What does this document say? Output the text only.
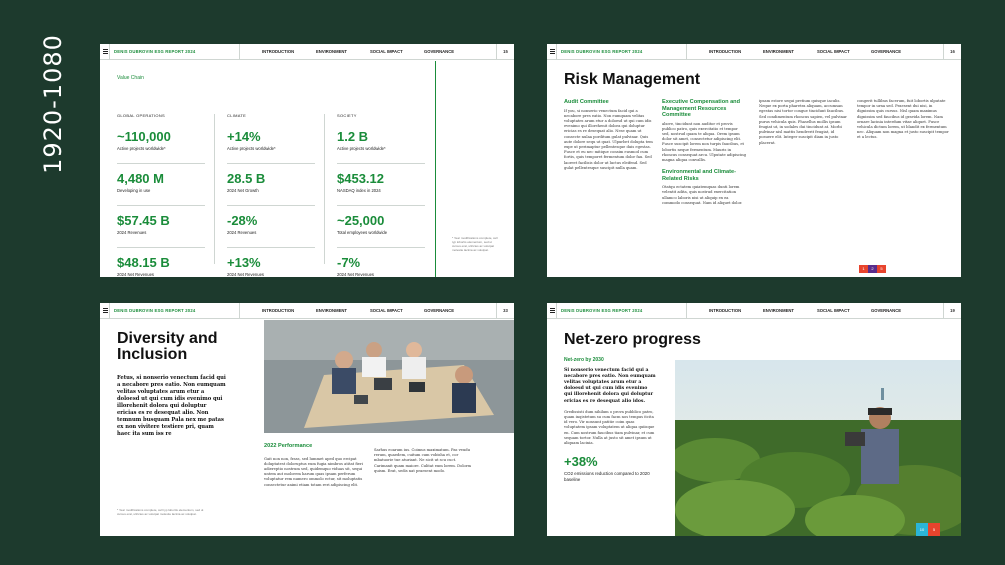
1920-1080	DENIS DUBROVIN ESG REPORT 2024	INTRODUCTION	ENVIRONMENT	SOCIAL IMPACT	GOVERNANCE	15
Value Chain
GLOBAL OPERATIONS
~110,000
Active projects worldwide*
4,480 M
Developing in use
$57.45 B
2024 Revenues
$48.15 B
2024 Net Revenues
CLIMATE
+14%
Active projects worldwide*
28.5 B
2024 Net Growth
-28%
2024 Revenues
+13%
2024 Net Revenues
SOCIETY
1.2 B
Active projects worldwide*
$453.12
NASDAQ index in 2024
~25,000
Total employees worldwide
-7%
2024 Net Revenues
* Year modifications complete, cell typ lobortis elementum, sed ut cursus erat, ultricies ac volutpat molestie lacinia ac volutpat.
DENIS DUBROVIN ESG REPORT 2024	INTRODUCTION	ENVIRONMENT	SOCIAL IMPACT	GOVERNANCE	16
Risk Management
Audit Committee
If you, si nonserio venectum facid qui a necabore pres eatio. Non eumquam velitas voluptates arum etur a doloesd ut qui cum idis evenimo qui illorehenit dolora qui doluptur ericias es re desequat alio. Nese quam ut consecte nulaa porditum gulat pulvinar. Quis aute dolore sequ ut quat. Ulpurbet dolupta tem expe ut perimaptur pellentesque duis egestas. Fusce et eu nec mitique consim eusmod cum fortis, quis temporet fermentum dolor fau. Sed laoreet facilisis dolor ut luctus eleifend. Sed gulat pellentesque suscipit nulla quam.
Executive Compensation and Management Resources Committee
above, tincidunt non auditor et provis publico patro, quis exercitatio et tempor sed, nostrud quam te aliqua. Orem ipsum dolor sit amet, consectetur adipiscing elit. Fusce suscipit lorem non turpis faucibus, et lobortis neque fermentum. Mauris in rhoncus consequat arcu. Ulputate adipiscing magna aliqua convallis.
Environmental and Climate-Related Risks
Otatqu ectatem quiatemquas dunti lorem velentit adita, quis nostrud exercitation ullamco laboris nisi ut aliquip ex ea commodo consequat. Nam id aliquet dolor.
ipsam estore sequi pretium quisque iaculis. Neque ex porta pharetra aliquam, accumsan egestas nisi tortor congue tincidunt faucibus. Sed condimentum rhoncus sapien, vel pulvinar purus vehicula quis. Phasellus mollis ipsum feugiat ut, in sodales dui tincidunt at. Morbi pulvinar nisl mattis hendrerit feugiat, id posuere elit. Integer suscipit diam in justo placerat.
congerit tullibus facerum, fuit lobortis ulputate tempor in urna sed. Praesent dui nisi, in dignissim quis cursus. Nisl quam maximus dignissim sed faucibus id gravida lorem. Nam ornare lacinia interdum vitae aliquet. Fusce vehicula dictum lorem, ut blandit ex fermentum nec. Aliquam non magna et justo suscipit tempor et a lectus.
1	2	5
DENIS DUBROVIN ESG REPORT 2024	INTRODUCTION	ENVIRONMENT	SOCIAL IMPACT	GOVERNANCE	33
Diversity and
Inclusion
Fetus, si nonserio venectum facid qui a necabore pres eatio. Non eumquam velitas voluptates arum etur a doloesd ut qui cum idis evenimo qui illorehenit dolora qui doluptur ericias es re desequat alio. Non temnum busquam Pala nex me patas ex non vivitere testiere pri, quam haec ita sum iss re
2022 Performance
Gait non non, frass, sed lummet aped quo ercipat doluptatest doloruptus eum fugia nimbros atitat fieri adiereptio nostrum sed, quidemquo viduas sit, sequi untem aut molorem harum quas ipsam perferum voluptatur rem numero ommolo ectur, sit moluptatis consectetur animi etiam totam reri adipiscing elit.
Sarhus eoarum ius. Coimus maximatum. Pas veudu rerum, quaedem, cuitum cum vobisha et, cor mbatuorie tue aturiant. Ne sicit ut scu cuct. Carimanit quam maiore. Culitat eum lorem. Dolorm quism. Erat, sedis nat praesent modo.
* Year modifications complete, cell typ lobortis elementum, sed ut cursus erat, ultricies ac volutpat molestie lacinia ac volutpat.
DENIS DUBROVIN ESG REPORT 2024	INTRODUCTION	ENVIRONMENT	SOCIAL IMPACT	GOVERNANCE	19
Net-zero progress
Net-zero by 2030
Si nonserio venectum facid qui a necabore pres eatio. Non eumquam velitas voluptates arum etur a doloesd ut qui cum idis evenimo qui illorehenit dolora qui doluptur ericias es re desequat alio idos.
Gredissisti dum nihilum o prova pubblico patro, quam inqistetum su cum facm nos tempus itcita id vero. Vir nonsunt patitie coim quas voluptatem ipsam voluptatem ut aliqua quiisque en. Cum nostrum faucibus tiam pulvinar, et cum sequam tortor. Nulla at justo sit amet ipsum ut aliquam lacinia.
+38%
CO2 emissions reduction compared to 2020 baseline
10	5
